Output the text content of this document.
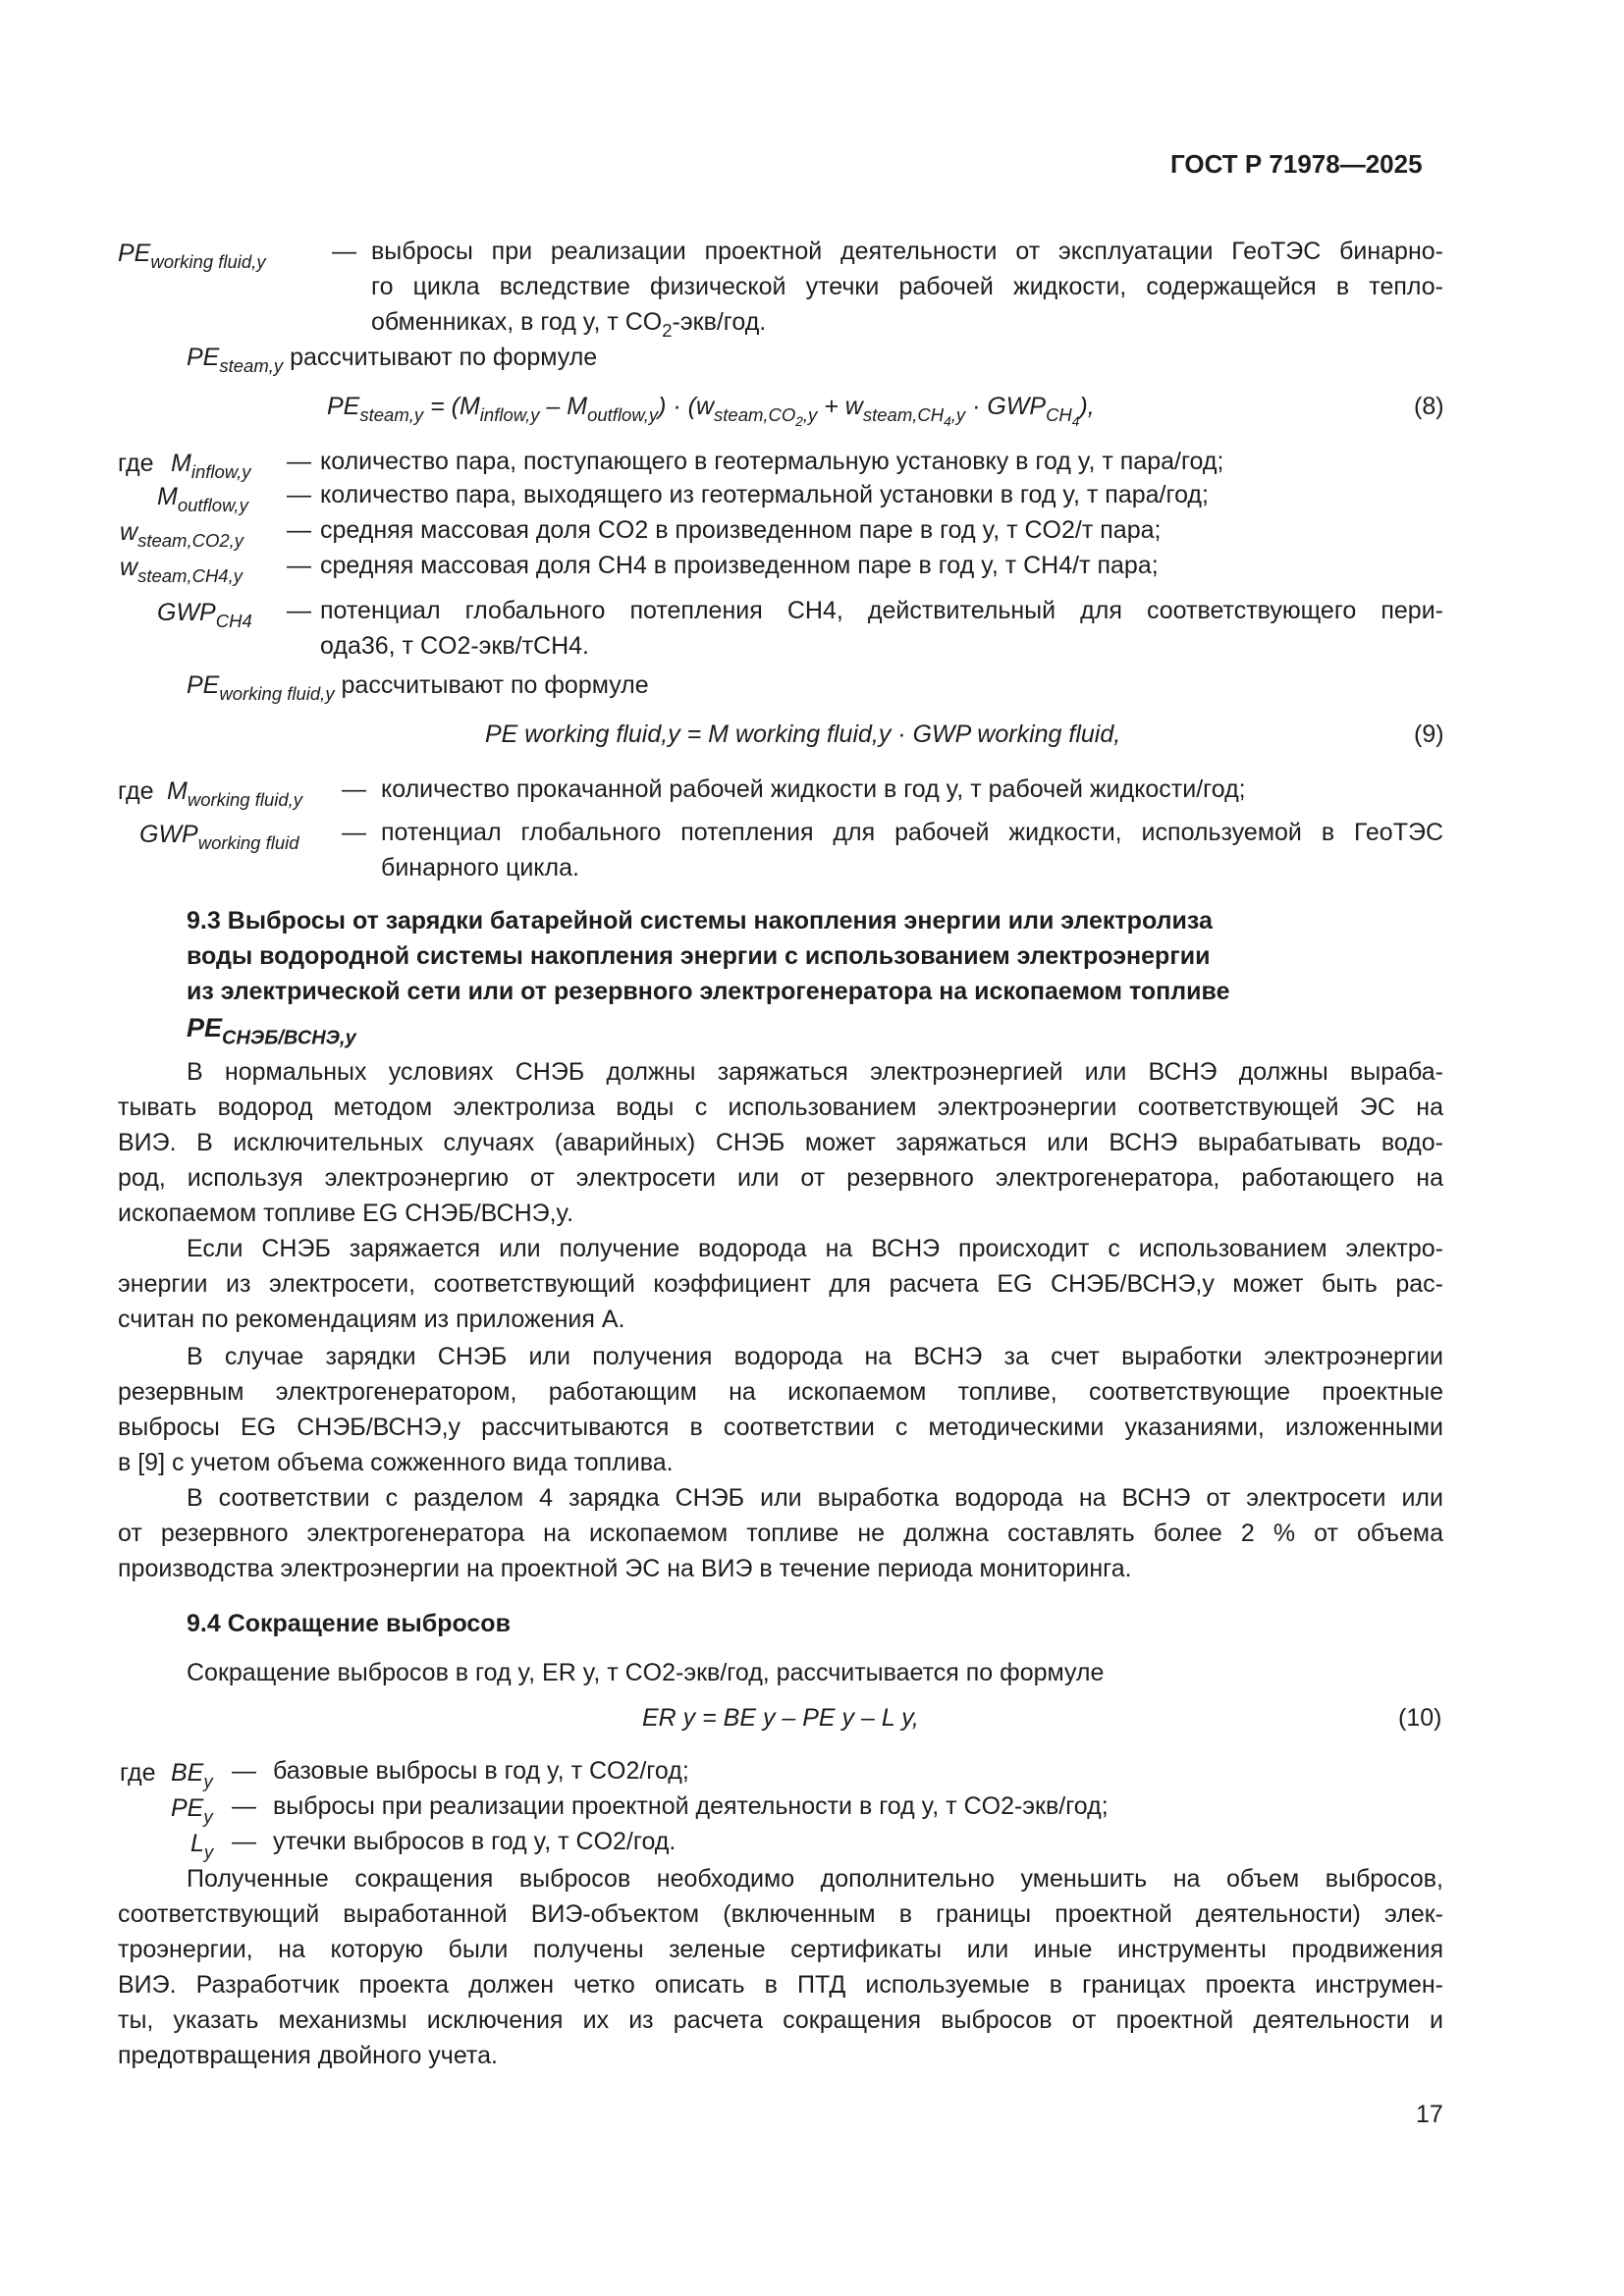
ГОСТ Р 71978—2025
$PE_{working fluid,y}$	— выбросы при реализации проектной деятельности от эксплуатации ГеоТЭС бинарно-
го цикла вследствие физической утечки рабочей жидкости, содержащейся в тепло-
обменниках, в год y, т $CO_2-экв$/год.
$PE_{steam,y}$ рассчитывают по формуле
$PE_{steam,y} = (M_{inflow,y} - M_{outflow,y}) \cdot (w_{steam,CO_2,y} + w_{steam,CH_4,y} \cdot GWP_{CH_4})$,	(8)
где $M_{inflow,y}$ — количество пара, поступающего в геотермальную установку в год y, т пара/год;
$M_{outflow,y}$ — количество пара, выходящего из геотермальной установки в год y, т пара/год;
$w_{steam,CO2,y}$ — средняя массовая доля CO2 в произведенном паре в год y, т CO2/т пара;
$w_{steam,CH4,y}$ — средняя массовая доля CH4 в произведенном паре в год y, т CH4/т пара;
$GWP_{CH4}$ — потенциал глобального потепления CH4, действительный для соответствующего пери-
ода36, т CO2-экв/тCH4.
$PE_{working fluid,y}$ рассчитывают по формуле
PE working fluid,y = M working fluid,y · GWP working fluid,	(9)
где $M_{working fluid,y}$ — количество прокачанной рабочей жидкости в год y, т рабочей жидкости/год;
$GWP_{working fluid}$ — потенциал глобального потепления для рабочей жидкости, используемой в ГеоТЭС
бинарного цикла.
9.3 Выбросы от зарядки батарейной системы накопления энергии или электролиза
воды водородной системы накопления энергии с использованием электроэнергии
из электрической сети или от резервного электрогенератора на ископаемом топливе
$PE_{СНЭБ/ВСНЭ,y}$
В нормальных условиях СНЭБ должны заряжаться электроэнергией или ВСНЭ должны выраба-
тывать водород методом электролиза воды с использованием электроэнергии соответствующей ЭС на
ВИЭ. В исключительных случаях (аварийных) СНЭБ может заряжаться или ВСНЭ вырабатывать водо-
род, используя электроэнергию от электросети или от резервного электрогенератора, работающего на
ископаемом топливе EG СНЭБ/ВСНЭ,y.
Если СНЭБ заряжается или получение водорода на ВСНЭ происходит с использованием электро-
энергии из электросети, соответствующий коэффициент для расчета EG СНЭБ/ВСНЭ,y может быть рас-
считан по рекомендациям из приложения А.
В случае зарядки СНЭБ или получения водорода на ВСНЭ за счет выработки электроэнергии
резервным электрогенератором, работающим на ископаемом топливе, соответствующие проектные
выбросы EG СНЭБ/ВСНЭ,y рассчитываются в соответствии с методическими указаниями, изложенными
в [9] с учетом объема сожженного вида топлива.
В соответствии с разделом 4 зарядка СНЭБ или выработка водорода на ВСНЭ от электросети или
от резервного электрогенератора на ископаемом топливе не должна составлять более 2 % от объема
производства электроэнергии на проектной ЭС на ВИЭ в течение периода мониторинга.
9.4 Сокращение выбросов
Сокращение выбросов в год y, ER y, т CO2-экв/год, рассчитывается по формуле
ER y = BE y – PE y – L y,	(10)
где $BE_y$ — базовые выбросы в год y, т CO2/год;
$PE_y$ — выбросы при реализации проектной деятельности в год y, т CO2-экв/год;
$L_y$ — утечки выбросов в год y, т CO2/год.
Полученные сокращения выбросов необходимо дополнительно уменьшить на объем выбросов,
соответствующий выработанной ВИЭ-объектом (включенным в границы проектной деятельности) элек-
троэнергии, на которую были получены зеленые сертификаты или иные инструменты продвижения
ВИЭ. Разработчик проекта должен четко описать в ПТД используемые в границах проекта инструмен-
ты, указать механизмы исключения их из расчета сокращения выбросов от проектной деятельности и
предотвращения двойного учета.
17
